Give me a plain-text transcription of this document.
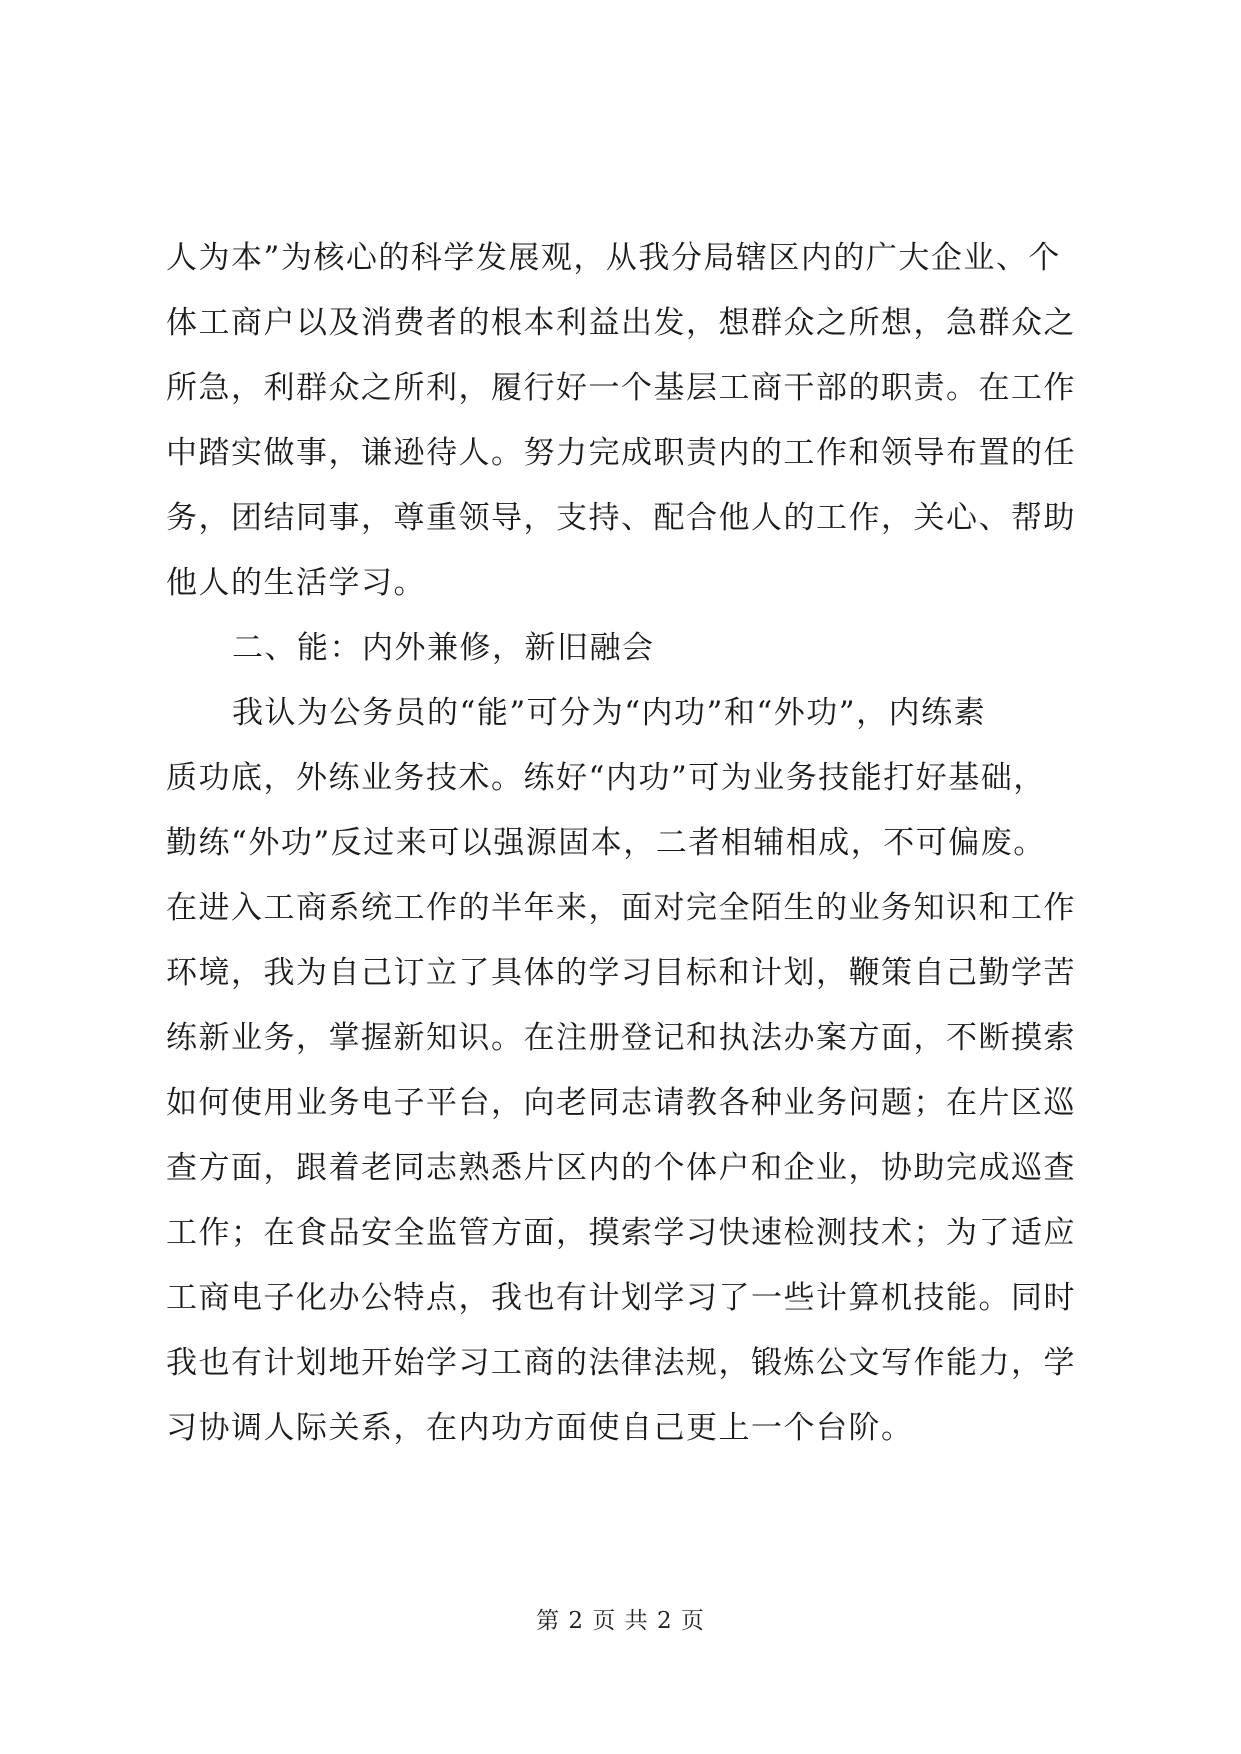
人为本”为核心的科学发展观，从我分局辖区内的广大企业、个
体工商户以及消费者的根本利益出发，想群众之所想，急群众之
所急，利群众之所利，履行好一个基层工商干部的职责。在工作
中踏实做事，谦逊待人。努力完成职责内的工作和领导布置的任
务，团结同事，尊重领导，支持、配合他人的工作，关心、帮助
他人的生活学习。
二、能：内外兼修，新旧融会
我认为公务员的“能”可分为“内功”和“外功”，内练素
质功底，外练业务技术。练好“内功”可为业务技能打好基础，
勤练“外功”反过来可以强源固本，二者相辅相成，不可偏废。
在进入工商系统工作的半年来，面对完全陌生的业务知识和工作
环境，我为自己订立了具体的学习目标和计划，鞭策自己勤学苦
练新业务，掌握新知识。在注册登记和执法办案方面，不断摸索
如何使用业务电子平台，向老同志请教各种业务问题；在片区巡
查方面，跟着老同志熟悉片区内的个体户和企业，协助完成巡查
工作；在食品安全监管方面，摸索学习快速检测技术；为了适应
工商电子化办公特点，我也有计划学习了一些计算机技能。同时
我也有计划地开始学习工商的法律法规，锻炼公文写作能力，学
习协调人际关系，在内功方面使自己更上一个台阶。
第 2 页 共 2 页
